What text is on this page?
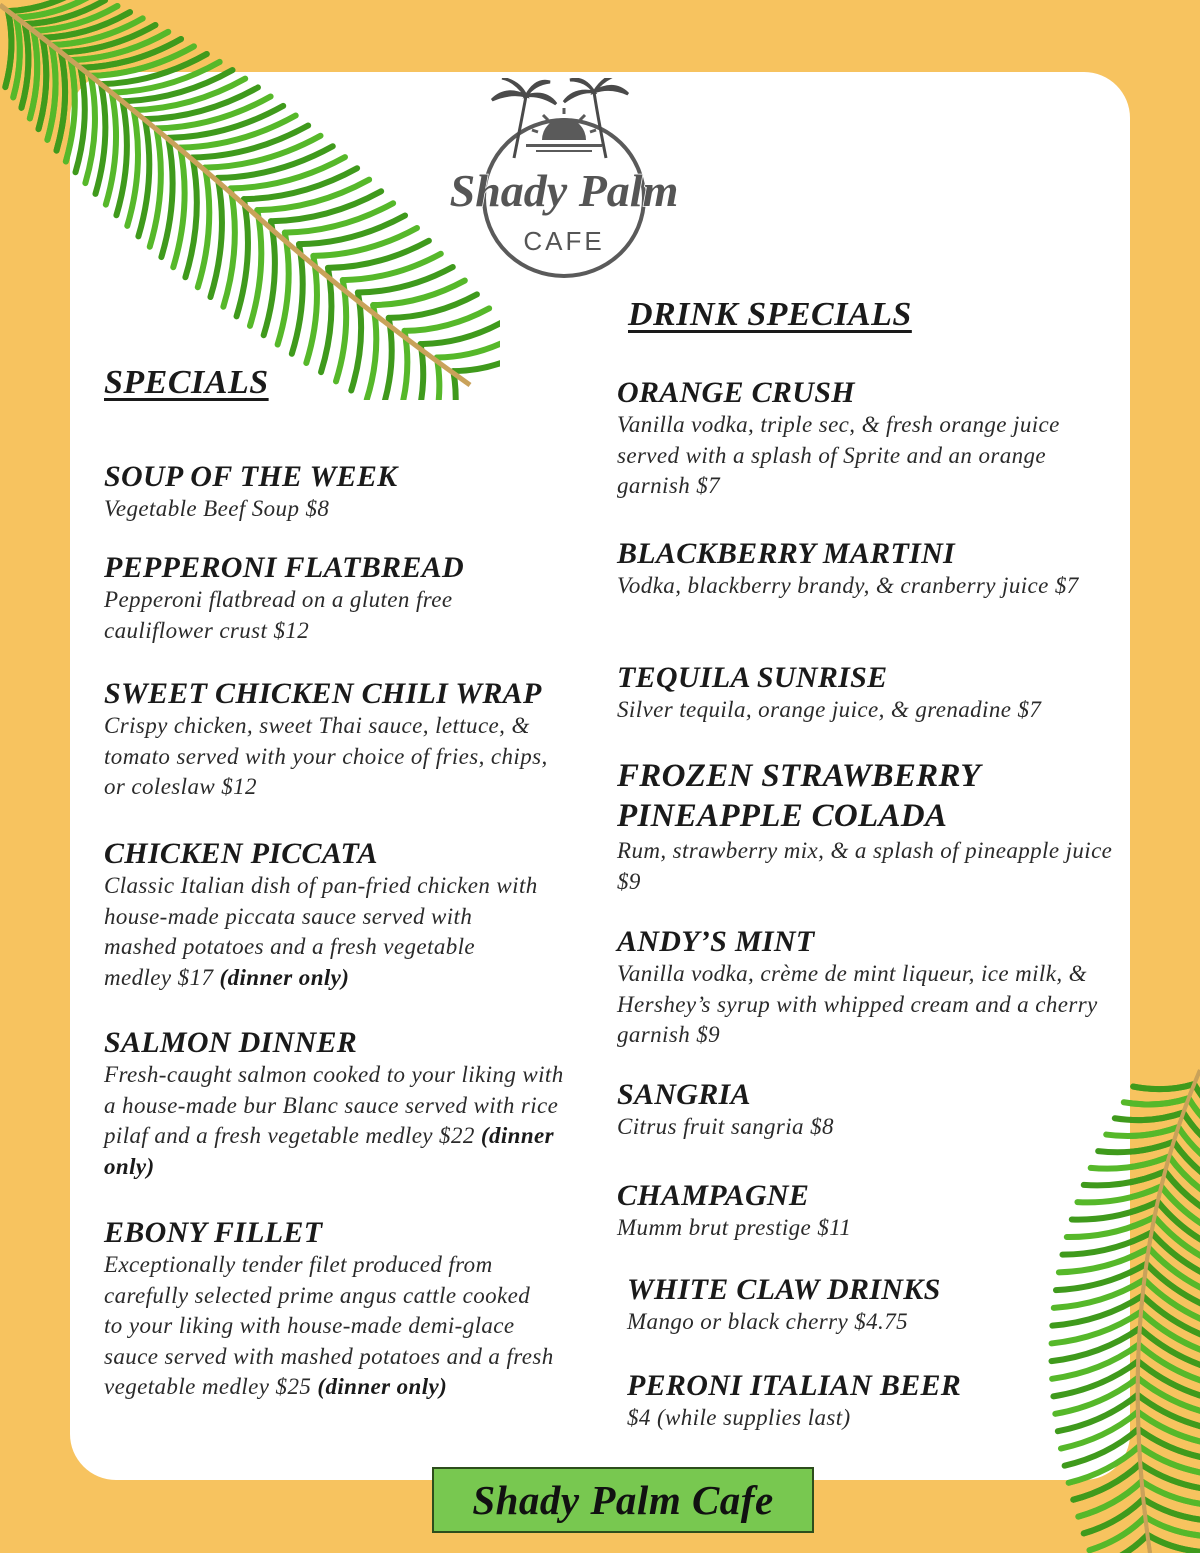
Shady Palm
CAFE
SPECIALS
DRINK SPECIALS
SOUP OF THE WEEK

Vegetable Beef Soup $8

PEPPERONI FLATBREAD

Pepperoni flatbread on a gluten free cauliflower crust $12

SWEET CHICKEN CHILI WRAP

Crispy chicken, sweet Thai sauce, lettuce, & tomato served with your choice of fries, chips, or coleslaw $12

CHICKEN PICCATA

Classic Italian dish of pan-fried chicken with house-made piccata sauce served with mashed potatoes and a fresh vegetable medley $17 (dinner only)

SALMON DINNER

Fresh-caught salmon cooked to your liking with a house-made bur Blanc sauce served with rice pilaf and a fresh vegetable medley $22 (dinner only)

EBONY FILLET

Exceptionally tender filet produced from carefully selected prime angus cattle cooked to your liking with house-made demi-glace sauce served with mashed potatoes and a fresh vegetable medley $25 (dinner only)

ORANGE CRUSH

Vanilla vodka, triple sec, & fresh orange juice served with a splash of Sprite and an orange garnish $7

BLACKBERRY MARTINI

Vodka, blackberry brandy, & cranberry juice $7

TEQUILA SUNRISE

Silver tequila, orange juice, & grenadine $7

FROZEN STRAWBERRY PINEAPPLE COLADA

Rum, strawberry mix, & a splash of pineapple juice $9

ANDY’S MINT

Vanilla vodka, crème de mint liqueur, ice milk, & Hershey’s syrup with whipped cream and a cherry garnish $9

SANGRIA

Citrus fruit sangria $8

CHAMPAGNE

Mumm brut prestige $11

WHITE CLAW DRINKS

Mango or black cherry $4.75

PERONI ITALIAN BEER

$4 (while supplies last)

Shady Palm Cafe
